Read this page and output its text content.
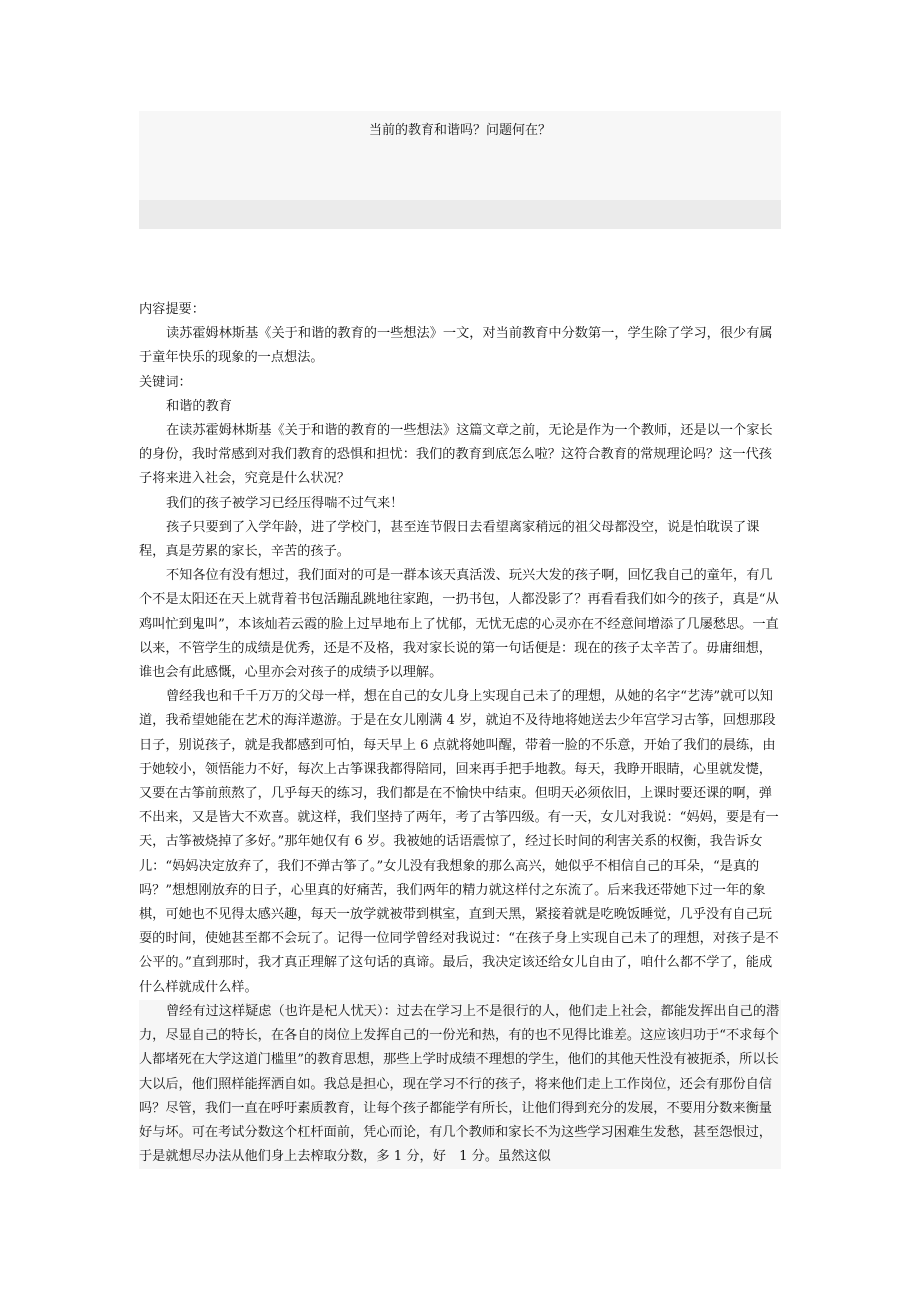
当前的教育和谐吗？问题何在？

内容提要：

读苏霍姆林斯基《关于和谐的教育的一些想法》一文，对当前教育中分数第一，学生除了学习，很少有属于童年快乐的现象的一点想法。

关键词：

和谐的教育

在读苏霍姆林斯基《关于和谐的教育的一些想法》这篇文章之前，无论是作为一个教师，还是以一个家长的身份，我时常感到对我们教育的恐惧和担忧：我们的教育到底怎么啦？这符合教育的常规理论吗？这一代孩子将来进入社会，究竟是什么状况？

我们的孩子被学习已经压得喘不过气来！

孩子只要到了入学年龄，进了学校门，甚至连节假日去看望离家稍远的祖父母都没空，说是怕耽误了课程，真是劳累的家长，辛苦的孩子。

不知各位有没有想过，我们面对的可是一群本该天真活泼、玩兴大发的孩子啊，回忆我自己的童年，有几个不是太阳还在天上就背着书包活蹦乱跳地往家跑，一扔书包，人都没影了？再看看我们如今的孩子，真是“从鸡叫忙到鬼叫”，本该灿若云霞的脸上过早地布上了忧郁，无忧无虑的心灵亦在不经意间增添了几屡愁思。一直以来，不管学生的成绩是优秀，还是不及格，我对家长说的第一句话便是：现在的孩子太辛苦了。毋庸细想，谁也会有此感慨，心里亦会对孩子的成绩予以理解。

曾经我也和千千万万的父母一样，想在自己的女儿身上实现自己未了的理想，从她的名字“艺涛”就可以知道，我希望她能在艺术的海洋遨游。于是在女儿刚满 4 岁，就迫不及待地将她送去少年宫学习古筝，回想那段日子，别说孩子，就是我都感到可怕，每天早上 6 点就将她叫醒，带着一脸的不乐意，开始了我们的晨练，由于她较小，领悟能力不好，每次上古筝课我都得陪同，回来再手把手地教。每天，我睁开眼睛，心里就发憷，又要在古筝前煎熬了，几乎每天的练习，我们都是在不愉快中结束。但明天必须依旧，上课时要还课的啊，弹不出来，又是皆大不欢喜。就这样，我们坚持了两年，考了古筝四级。有一天，女儿对我说：“妈妈，要是有一天，古筝被烧掉了多好。”那年她仅有 6 岁。我被她的话语震惊了，经过长时间的利害关系的权衡，我告诉女儿：“妈妈决定放弃了，我们不弹古筝了。”女儿没有我想象的那么高兴，她似乎不相信自己的耳朵，“是真的吗？”想想刚放弃的日子，心里真的好痛苦，我们两年的精力就这样付之东流了。后来我还带她下过一年的象棋，可她也不见得太感兴趣，每天一放学就被带到棋室，直到天黑，紧接着就是吃晚饭睡觉，几乎没有自己玩耍的时间，使她甚至都不会玩了。记得一位同学曾经对我说过：“在孩子身上实现自己未了的理想，对孩子是不公平的。”直到那时，我才真正理解了这句话的真谛。最后，我决定该还给女儿自由了，咱什么都不学了，能成什么样就成什么样。

曾经有过这样疑虑（也许是杞人忧天）：过去在学习上不是很行的人，他们走上社会，都能发挥出自己的潜力，尽显自己的特长，在各自的岗位上发挥自己的一份光和热，有的也不见得比谁差。这应该归功于“不求每个人都堵死在大学这道门槛里”的教育思想，那些上学时成绩不理想的学生，他们的其他天性没有被扼杀，所以长大以后，他们照样能挥洒自如。我总是担心，现在学习不行的孩子，将来他们走上工作岗位，还会有那份自信吗？尽管，我们一直在呼吁素质教育，让每个孩子都能学有所长，让他们得到充分的发展，不要用分数来衡量好与坏。可在考试分数这个杠杆面前，凭心而论，有几个教师和家长不为这些学习困难生发愁，甚至怨恨过，于是就想尽办法从他们身上去榨取分数，多 1 分，好　1 分。虽然这似
